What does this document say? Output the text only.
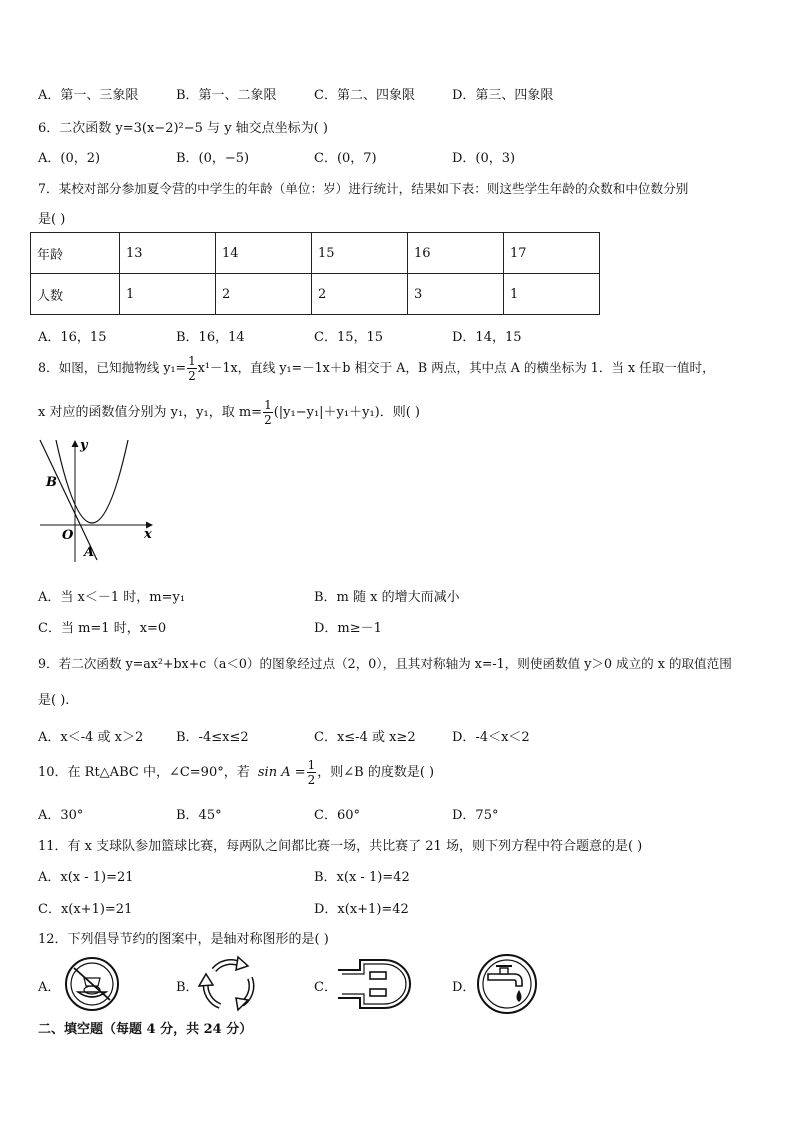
A．第一、三象限	B．第一、二象限	C．第二、四象限	D．第三、四象限
6．二次函数 y=3(x−2)²−5 与 y 轴交点坐标为( )
A．(0，2)	B．(0，−5)	C．(0，7)	D．(0，3)
7．某校对部分参加夏令营的中学生的年龄（单位：岁）进行统计，结果如下表：则这些学生年龄的众数和中位数分别
是( )
年龄	13	14	15	16	17
人数	1	2	2	3	1
A．16，15	B．16，14	C．15，15	D．14，15
8．如图，已知抛物线 $y_1= \frac{1}{2} x^1-1x$，直线 y₁=－1x＋b 相交于 A，B 两点，其中点 A 的横坐标为 1．当 x 任取一值时，
x 对应的函数值分别为 y₁，y₁，取 $m= \frac{1}{2} (|y_1-y_1|+y_1+y_1)$．则( )
y
x
B
O
A
A．当 x＜－1 时，m=y₁	B．m 随 x 的增大而减小
C．当 m=1 时，x=0	D．m≥－1
9．若二次函数 y=ax²+bx+c（a＜0）的图象经过点（2，0），且其对称轴为 x=-1，则使函数值 y＞0 成立的 x 的取值范围
是( ).
A．x＜-4 或 x＞2	B．-4≤x≤2	C．x≤-4 或 x≥2	D．-4＜x＜2
10．在 Rt△ABC 中，∠C=90°，若 $\sin A = \frac{1}{2}$ ，则∠B 的度数是( )
A．30°	B．45°	C．60°	D．75°
11．有 x 支球队参加篮球比赛，每两队之间都比赛一场，共比赛了 21 场，则下列方程中符合题意的是( )
A．x(x - 1)=21	B．x(x - 1)=42
C．x(x+1)=21	D．x(x+1)=42
12．下列倡导节约的图案中，是轴对称图形的是( )
A．	B．	C．	D．
二、填空题（每题 4 分，共 24 分）
